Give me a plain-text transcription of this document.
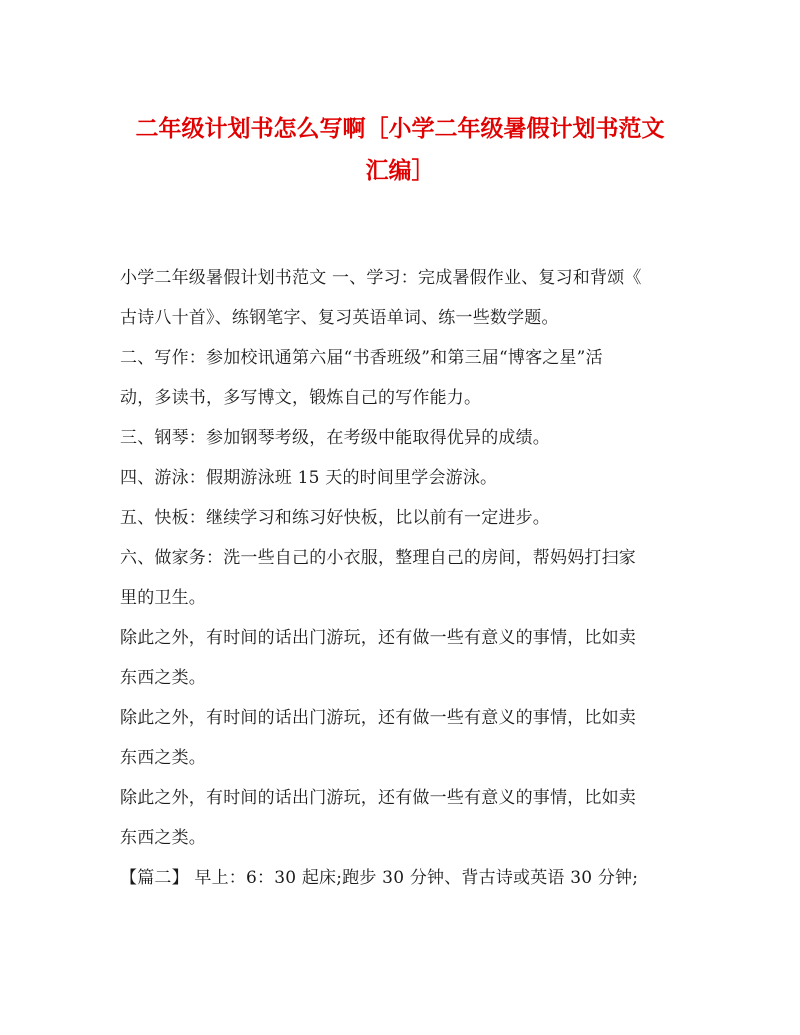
二年级计划书怎么写啊［小学二年级暑假计划书范文
汇编］

小学二年级暑假计划书范文 一、学习：完成暑假作业、复习和背颂《

古诗八十首》、练钢笔字、复习英语单词、练一些数学题。

二、写作：参加校讯通第六届“书香班级”和第三届“博客之星”活

动，多读书，多写博文，锻炼自己的写作能力。

三、钢琴：参加钢琴考级，在考级中能取得优异的成绩。

四、游泳：假期游泳班 15 天的时间里学会游泳。

五、快板：继续学习和练习好快板，比以前有一定进步。

六、做家务：洗一些自己的小衣服，整理自己的房间，帮妈妈打扫家

里的卫生。

除此之外，有时间的话出门游玩，还有做一些有意义的事情，比如卖

东西之类。

除此之外，有时间的话出门游玩，还有做一些有意义的事情，比如卖

东西之类。

除此之外，有时间的话出门游玩，还有做一些有意义的事情，比如卖

东西之类。

【篇二】 早上：6：30 起床;跑步 30 分钟、背古诗或英语 30 分钟;
